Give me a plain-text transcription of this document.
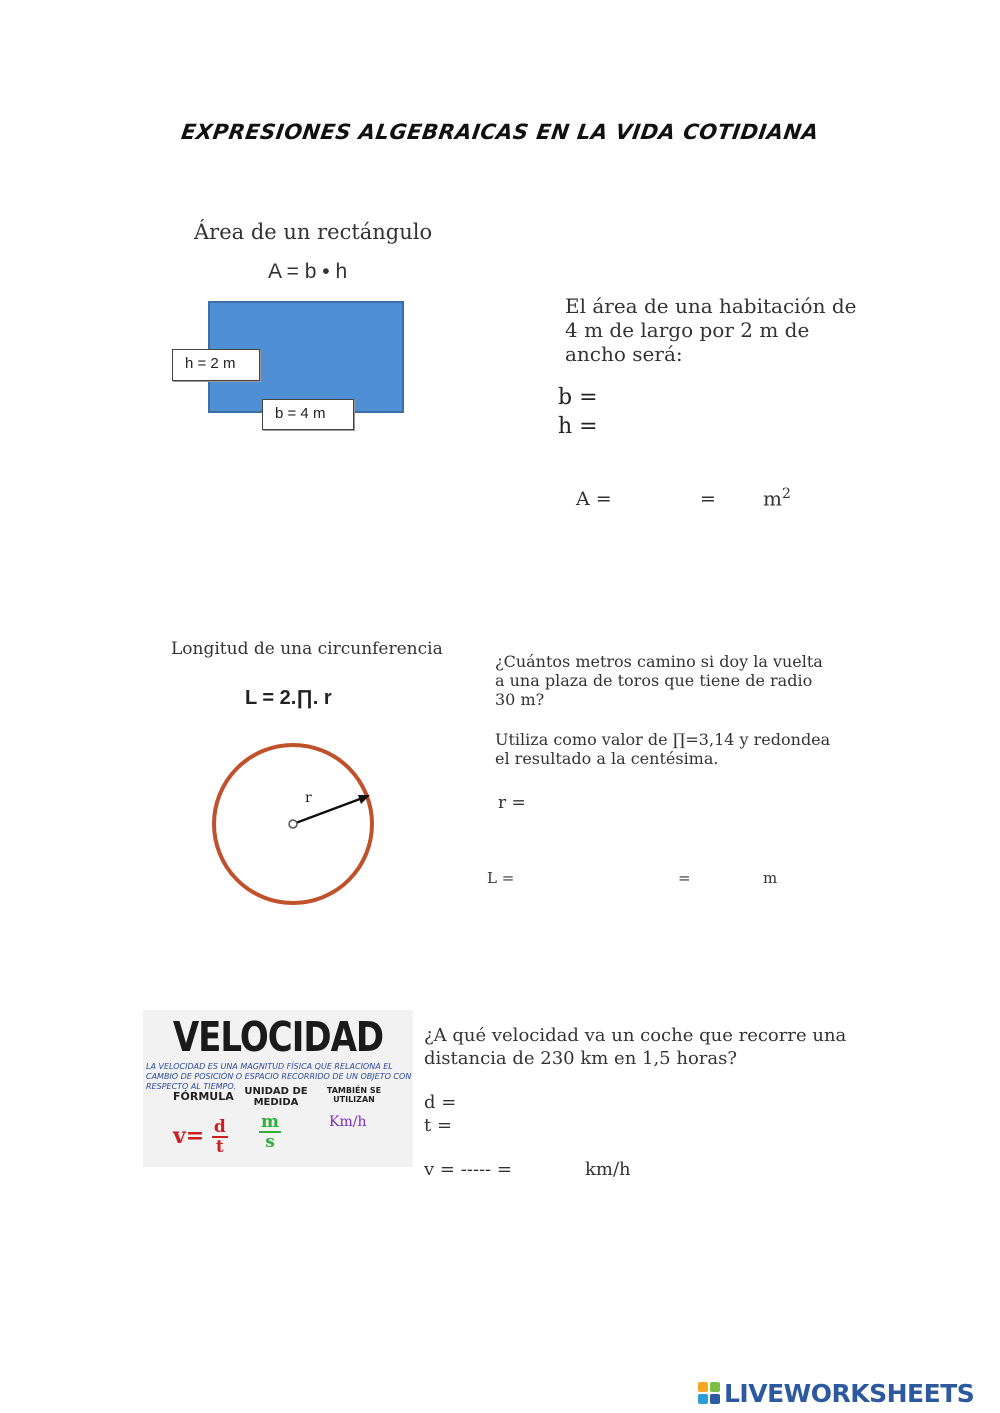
EXPRESIONES ALGEBRAICAS EN LA VIDA COTIDIANA
Área de un rectángulo
A = b • h
h = 2 m
b = 4 m
El área de una habitación de 4 m de largo por 2 m de ancho será:
b =
h =
A =	= $m^2$
Longitud de una circunferencia
L = 2.∏. r
r
¿Cuántos metros camino si doy la vuelta a una plaza de toros que tiene de radio 30 m?
Utiliza como valor de ∏=3,14 y redondea el resultado a la centésima.
r =
L =	=	m
VELOCIDAD
LA VELOCIDAD ES UNA MAGNITUD FÍSICA QUE RELACIONA EL CAMBIO DE POSICIÓN O ESPACIO RECORRIDO DE UN OBJETO CON RESPECTO AL TIEMPO.
FÓRMULA	UNIDAD DE MEDIDA
TAMBIÉN SE UTILIZAN
$v= \frac{d}{t} \frac{m}{s}$	Km/h
¿A qué velocidad va un coche que recorre una distancia de 230 km en 1,5 horas?
d =
t =
v = ----- =	km/h
LIVEWORKSHEETS
